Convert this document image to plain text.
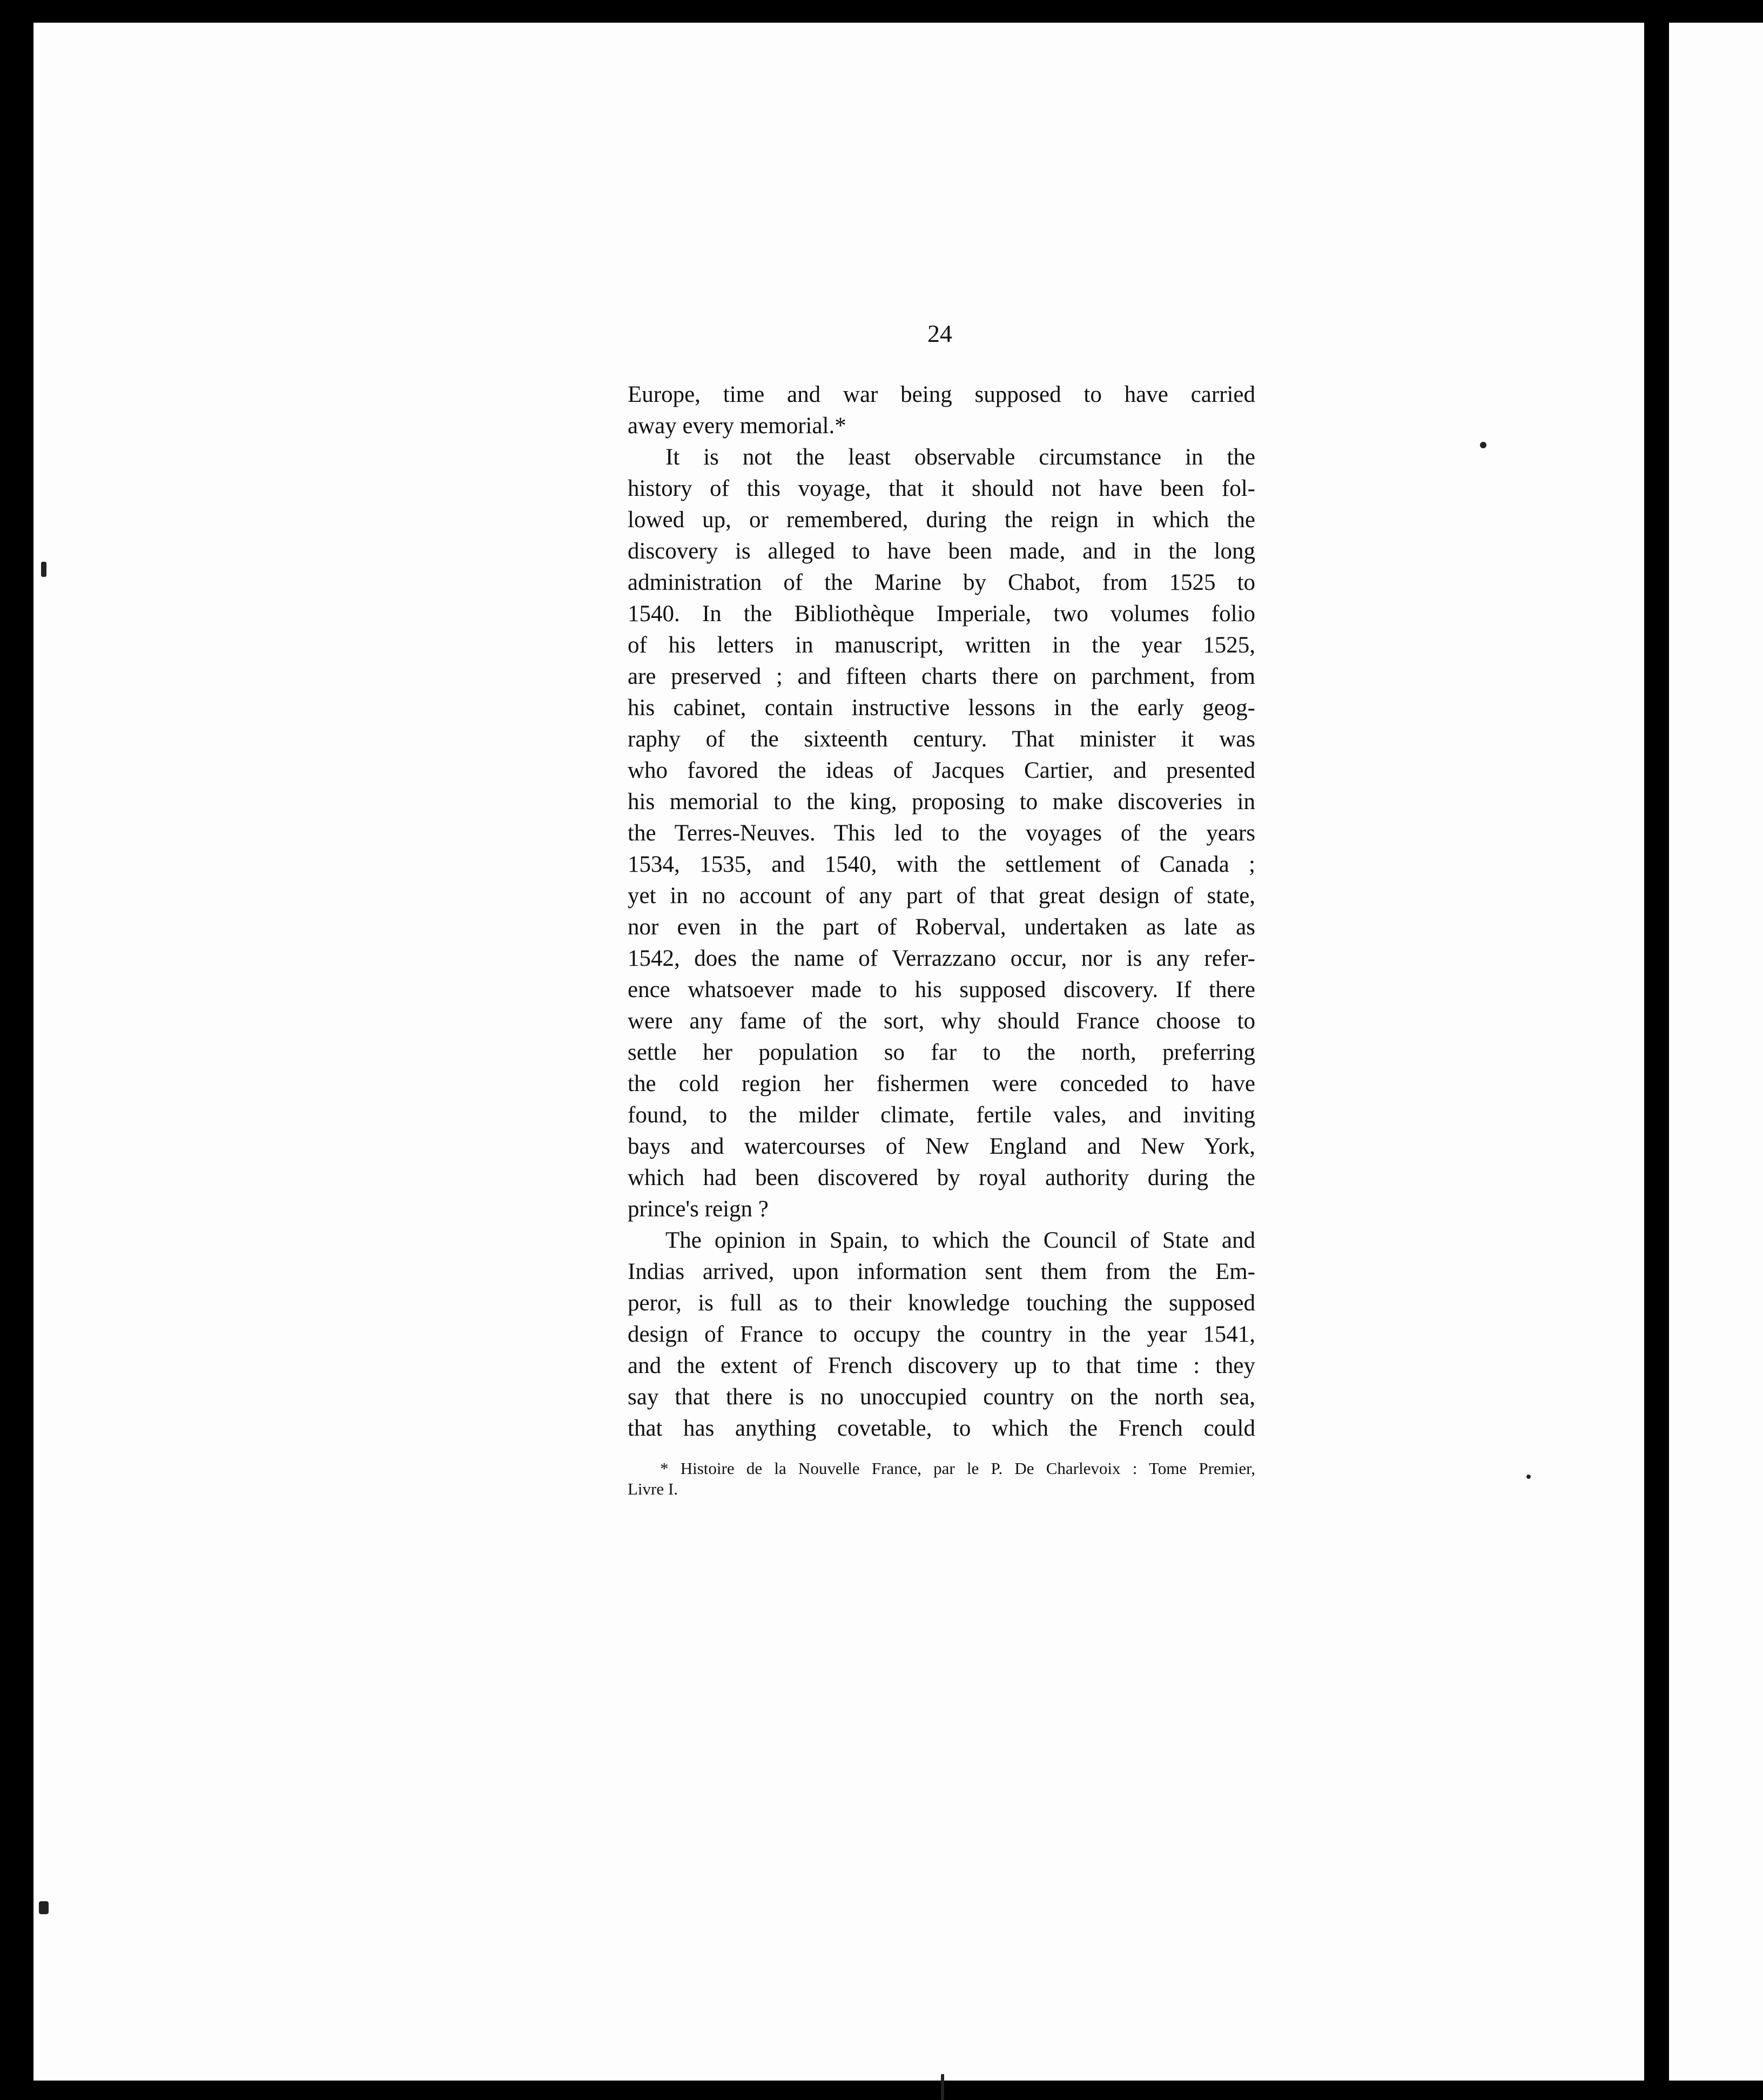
24
Europe, time and war being supposed to have carried
away every memorial.*
It is not the least observable circumstance in the
history of this voyage, that it should not have been fol-
lowed up, or remembered, during the reign in which the
discovery is alleged to have been made, and in the long
administration of the Marine by Chabot, from 1525 to
1540. In the Bibliothèque Imperiale, two volumes folio
of his letters in manuscript, written in the year 1525,
are preserved ; and fifteen charts there on parchment, from
his cabinet, contain instructive lessons in the early geog-
raphy of the sixteenth century. That minister it was
who favored the ideas of Jacques Cartier, and presented
his memorial to the king, proposing to make discoveries in
the Terres-Neuves. This led to the voyages of the years
1534, 1535, and 1540, with the settlement of Canada ;
yet in no account of any part of that great design of state,
nor even in the part of Roberval, undertaken as late as
1542, does the name of Verrazzano occur, nor is any refer-
ence whatsoever made to his supposed discovery. If there
were any fame of the sort, why should France choose to
settle her population so far to the north, preferring
the cold region her fishermen were conceded to have
found, to the milder climate, fertile vales, and inviting
bays and watercourses of New England and New York,
which had been discovered by royal authority during the
prince's reign ?
The opinion in Spain, to which the Council of State and
Indias arrived, upon information sent them from the Em-
peror, is full as to their knowledge touching the supposed
design of France to occupy the country in the year 1541,
and the extent of French discovery up to that time : they
say that there is no unoccupied country on the north sea,
that has anything covetable, to which the French could
* Histoire de la Nouvelle France, par le P. De Charlevoix : Tome Premier,
Livre I.
